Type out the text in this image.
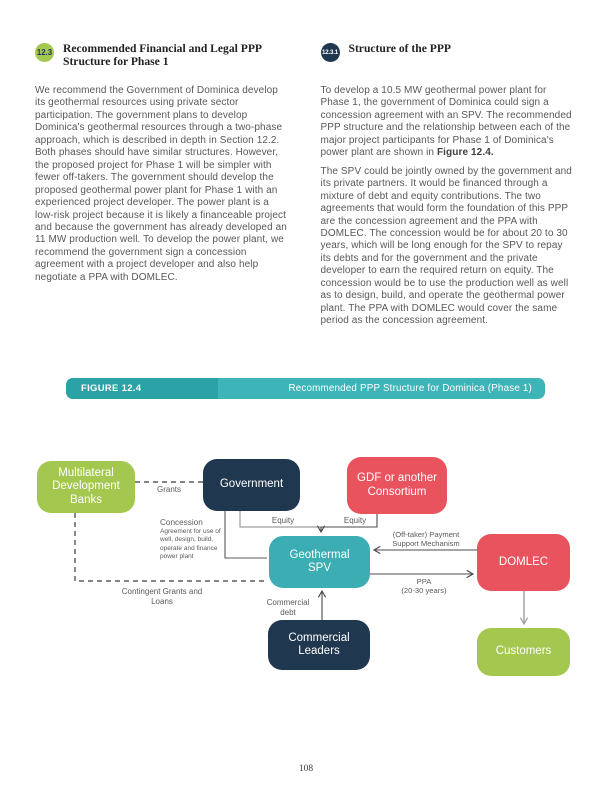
12.3 Recommended Financial and Legal PPP Structure for Phase 1

We recommend the Government of Dominica develop its geothermal resources using private sector participation. The government plans to develop Dominica's geothermal resources through a two-phase approach, which is described in depth in Section 12.2. Both phases should have similar structures. However, the proposed project for Phase 1 will be simpler with fewer off-takers. The government should develop the proposed geothermal power plant for Phase 1 with an experienced project developer. The power plant is a low-risk project because it is likely a financeable project and because the government has already developed an 11 MW production well. To develop the power plant, we recommend the government sign a concession agreement with a project developer and also help negotiate a PPA with DOMLEC.

12.3.1 Structure of the PPP

To develop a 10.5 MW geothermal power plant for Phase 1, the government of Dominica could sign a concession agreement with an SPV. The recommended PPP structure and the relationship between each of the major project participants for Phase 1 of Dominica's power plant are shown in Figure 12.4.

The SPV could be jointly owned by the government and its private partners. It would be financed through a mixture of debt and equity contributions. The two agreements that would form the foundation of this PPP are the concession agreement and the PPA with DOMLEC. The concession would be for about 20 to 30 years, which will be long enough for the SPV to repay its debts and for the government and the private developer to earn the required return on equity. The concession would be to use the production well as well as to design, build, and operate the geothermal power plant. The PPA with DOMLEC would cover the same period as the concession agreement.

FIGURE 12.4	Recommended PPP Structure for Dominica (Phase 1)
Multilateral Development Banks
Government
GDF or another Consortium
Geothermal SPV
DOMLEC
Commercial Leaders	Customers
Grants
Concession
Agreement for use of well, design, build, operate and finance power plant
Equity	Equity
(Off-taker) Payment Support Mechanism
PPA
(20-30 years)
Contingent Grants and Loans	Commercial debt
108
